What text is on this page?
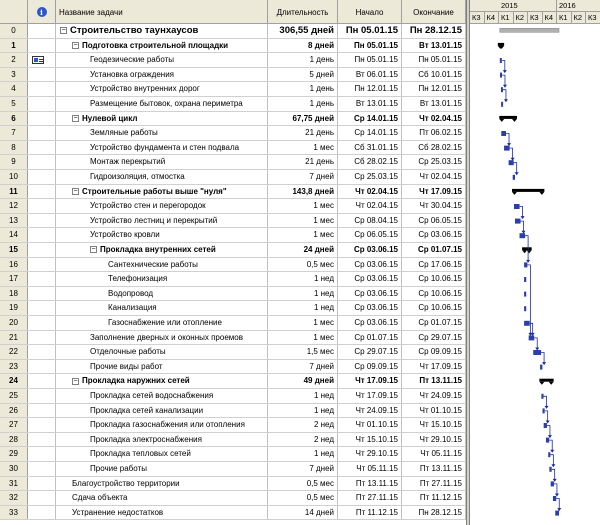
i	Название задачи	Длительность	Начало	Окончание
0	− Строительство таунхаусов	306,55 дней	Пн 05.01.15	Пн 28.12.15
1	− Подготовка строительной площадки	8 дней	Пн 05.01.15	Вт 13.01.15
2	Геодезические работы	1 день	Пн 05.01.15	Пн 05.01.15
3	Установка ограждения	5 дней	Вт 06.01.15	Сб 10.01.15
4	Устройство внутренних дорог	1 день	Пн 12.01.15	Пн 12.01.15
5	Размещение бытовок, охрана периметра	1 день	Вт 13.01.15	Вт 13.01.15
6	− Нулевой цикл	67,75 дней	Ср 14.01.15	Чт 02.04.15
7	Земляные работы	21 день	Ср 14.01.15	Пт 06.02.15
8	Устройство фундамента и стен подвала	1 мес	Сб 31.01.15	Сб 28.02.15
9	Монтаж перекрытий	21 день	Сб 28.02.15	Ср 25.03.15
10	Гидроизоляция, отмостка	7 дней	Ср 25.03.15	Чт 02.04.15
11	− Строительные работы выше "нуля"	143,8 дней	Чт 02.04.15	Чт 17.09.15
12	Устройство стен и перегородок	1 мес	Чт 02.04.15	Чт 30.04.15
13	Устройство лестниц и перекрытий	1 мес	Ср 08.04.15	Ср 06.05.15
14	Устройство кровли	1 мес	Ср 06.05.15	Ср 03.06.15
15	− Прокладка внутренних сетей	24 дней	Ср 03.06.15	Ср 01.07.15
16	Сантехнические работы	0,5 мес	Ср 03.06.15	Ср 17.06.15
17	Телефонизация	1 нед	Ср 03.06.15	Ср 10.06.15
18	Водопровод	1 нед	Ср 03.06.15	Ср 10.06.15
19	Канализация	1 нед	Ср 03.06.15	Ср 10.06.15
20	Газоснабжение или отопление	1 мес	Ср 03.06.15	Ср 01.07.15
21	Заполнение дверных и оконных проемов	1 мес	Ср 01.07.15	Ср 29.07.15
22	Отделочные работы	1,5 мес	Ср 29.07.15	Ср 09.09.15
23	Прочие виды работ	7 дней	Ср 09.09.15	Чт 17.09.15
24	− Прокладка наружних сетей	49 дней	Чт 17.09.15	Пт 13.11.15
25	Прокладка сетей водоснабжения	1 нед	Чт 17.09.15	Чт 24.09.15
26	Прокладка сетей канализации	1 нед	Чт 24.09.15	Чт 01.10.15
27	Прокладка газоснабжения или отопления	2 нед	Чт 01.10.15	Чт 15.10.15
28	Прокладка электроснабжения	2 нед	Чт 15.10.15	Чт 29.10.15
29	Прокладка тепловых сетей	1 нед	Чт 29.10.15	Чт 05.11.15
30	Прочие работы	7 дней	Чт 05.11.15	Пт 13.11.15
31	Благоустройство территории	0,5 мес	Пт 13.11.15	Пт 27.11.15
32	Сдача объекта	0,5 мес	Пт 27.11.15	Пт 11.12.15
33	Устранение недостатков	14 дней	Пт 11.12.15	Пн 28.12.15
2015	2016
К3 К4 К1 К2 К3 К4 К1 К2 К3
